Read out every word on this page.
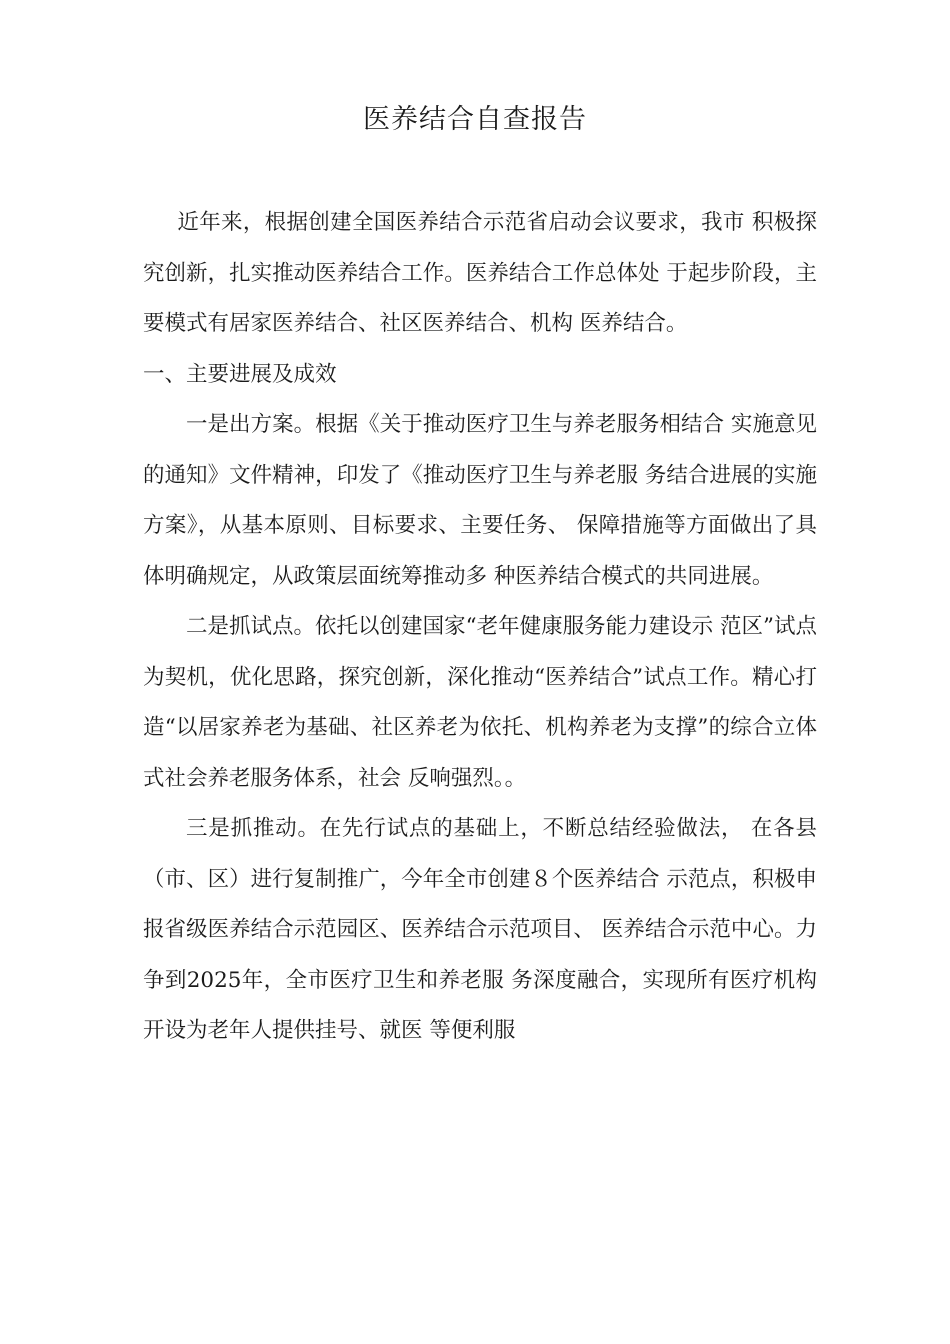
医养结合自查报告

近年来，根据创建全国医养结合示范省启动会议要求，我市 积极探究创新，扎实推动医养结合工作。医养结合工作总体处 于起步阶段，主要模式有居家医养结合、社区医养结合、机构 医养结合。

一、主要进展及成效

一是出方案。根据《关于推动医疗卫生与养老服务相结合 实施意见的通知》文件精神，印发了《推动医疗卫生与养老服 务结合进展的实施方案》，从基本原则、目标要求、主要任务、 保障措施等方面做出了具体明确规定，从政策层面统筹推动多 种医养结合模式的共同进展。

二是抓试点。依托以创建国家“老年健康服务能力建设示 范区”试点为契机，优化思路，探究创新，深化推动“医养结合”试点工作。精心打造“以居家养老为基础、社区养老为依托、机构养老为支撑”的综合立体式社会养老服务体系，社会 反响强烈。。

三是抓推动。在先行试点的基础上，不断总结经验做法， 在各县（市、区）进行复制推广，今年全市创建８个医养结合 示范点，积极申报省级医养结合示范园区、医养结合示范项目、 医养结合示范中心。力争到2025年，全市医疗卫生和养老服 务深度融合，实现所有医疗机构开设为老年人提供挂号、就医 等便利服
